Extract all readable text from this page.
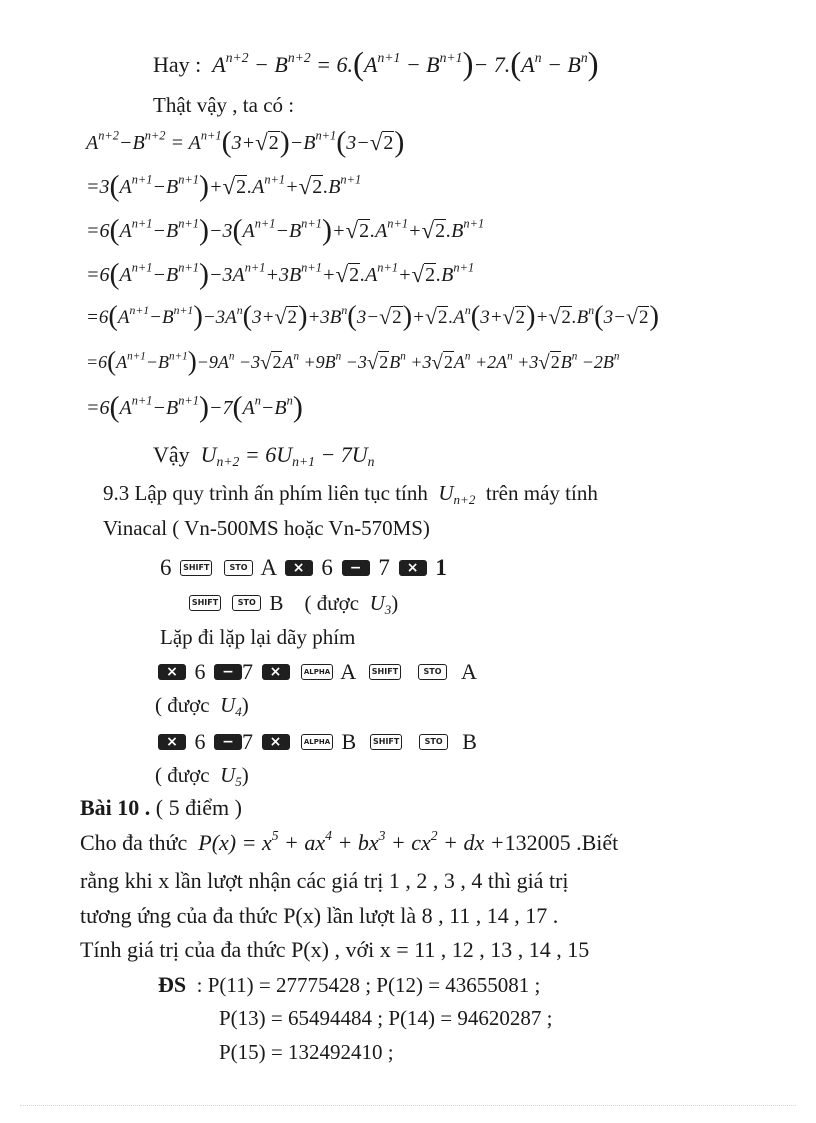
Hay :  $A^{n+2} - B^{n+2} = 6.(A^{n+1} - B^{n+1})- 7.(A^n - B^n)$
Thật vậy , ta có :
$A^{n+2}-B^{n+2} = A^{n+1}(3+√2)-B^{n+1}(3-√2)$
$=3(A^{n+1}-B^{n+1})+√2.A^{n+1}+√2.B^{n+1}$
$=6(A^{n+1}-B^{n+1})-3(A^{n+1}-B^{n+1})+√2.A^{n+1}+√2.B^{n+1}$
$=6(A^{n+1}-B^{n+1})-3A^{n+1}+3B^{n+1}+√2.A^{n+1}+√2.B^{n+1}$
$=6(A^{n+1}-B^{n+1})-3A^n(3+√2)+3B^n(3-√2)+√2.A^n(3+√2)+√2.B^n(3-√2)$
$=6(A^{n+1}-B^{n+1})-9A^n -3√2A^n +9B^n -3√2B^n +3√2A^n +2A^n +3√2B^n -2B^n$
$=6(A^{n+1}-B^{n+1})-7(A^n-B^n)$
Vậy  $U_{n+2} = 6U_{n+1} - 7U_n$
9.3 Lập quy trình ấn phím liên tục tính  $U_{n+2}$ trên máy tính
Vinacal ( Vn-500MS hoặc Vn-570MS)
6 SHIFT	STO A × 6 − 7 × 1
SHIFT STO B ( được $U_3$)
Lặp đi lặp lại dãy phím
× 6 − 7 ×	ALPHA A SHIFT	STO A
( được $U_4$)
× 6 − 7 ×	ALPHA B SHIFT	STO B
( được $U_5$)
Bài 10 . ( 5 điểm )
Cho đa thức  $P(x) = x^5 + ax^4 + bx^3 + cx^2$ + dx +132005 .Biết
rằng khi x lần lượt nhận các giá trị 1 , 2 , 3 , 4 thì giá trị
tương ứng của đa thức P(x) lần lượt là 8 , 11 , 14 , 17 .
Tính giá trị của đa thức P(x) , với x = 11 , 12 , 13 , 14 , 15
ĐS : P(11) = 27775428 ; P(12) = 43655081 ;
P(13) = 65494484 ; P(14) = 94620287 ;
P(15) = 132492410 ;
